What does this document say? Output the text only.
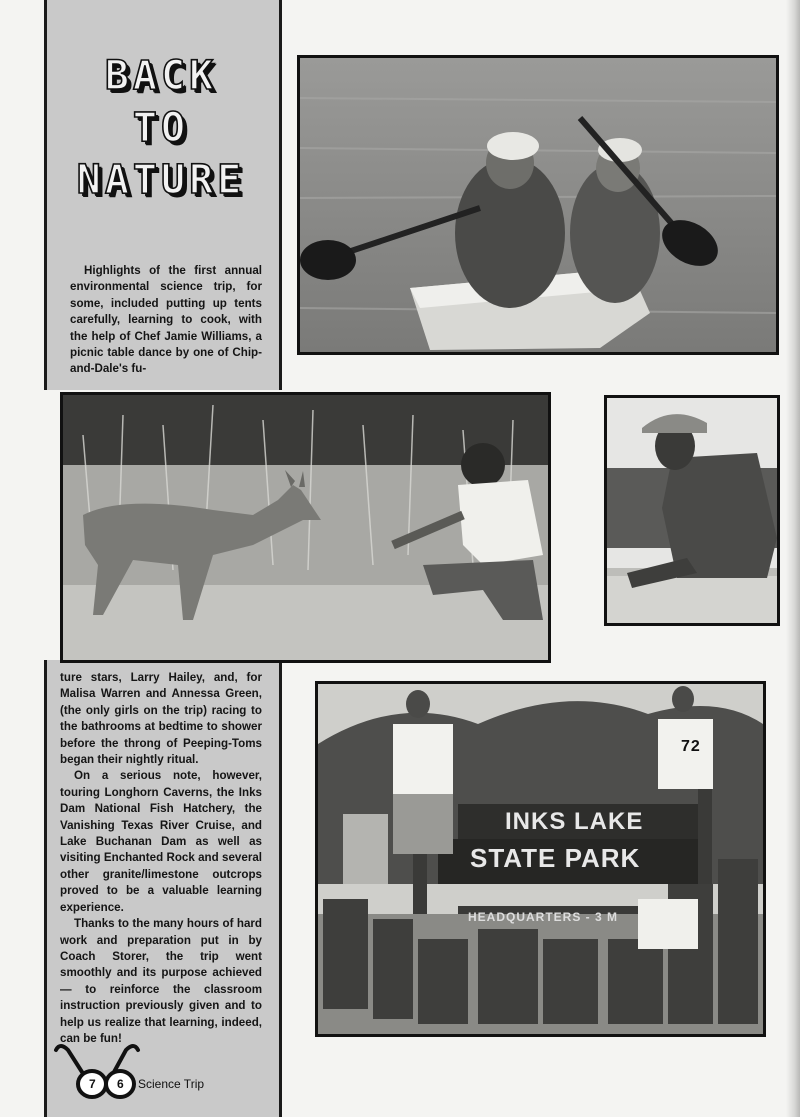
BACK
TO
NATURE

Highlights of the first annual environmental science trip, for some, included putting up tents carefully, learning to cook, with the help of Chef Jamie Williams, a picnic table dance by one of Chip-and-Dale's fu-

ture stars, Larry Hailey, and, for Malisa Warren and Annessa Green, (the only girls on the trip) racing to the bathrooms at bedtime to shower before the throng of Peeping-Toms began their nightly ritual.

On a serious note, however, touring Longhorn Caverns, the Inks Dam National Fish Hatchery, the Vanishing Texas River Cruise, and Lake Buchanan Dam as well as visiting Enchanted Rock and several other granite/limestone outcrops proved to be a valuable learning experience.

Thanks to the many hours of hard work and preparation put in by Coach Storer, the trip went smoothly and its purpose achieved — to reinforce the classroom instruction previously given and to help us realize that learning, indeed, can be fun!

INKS LAKE
STATE PARK
HEADQUARTERS - 3 M
72
7 6 Science Trip
